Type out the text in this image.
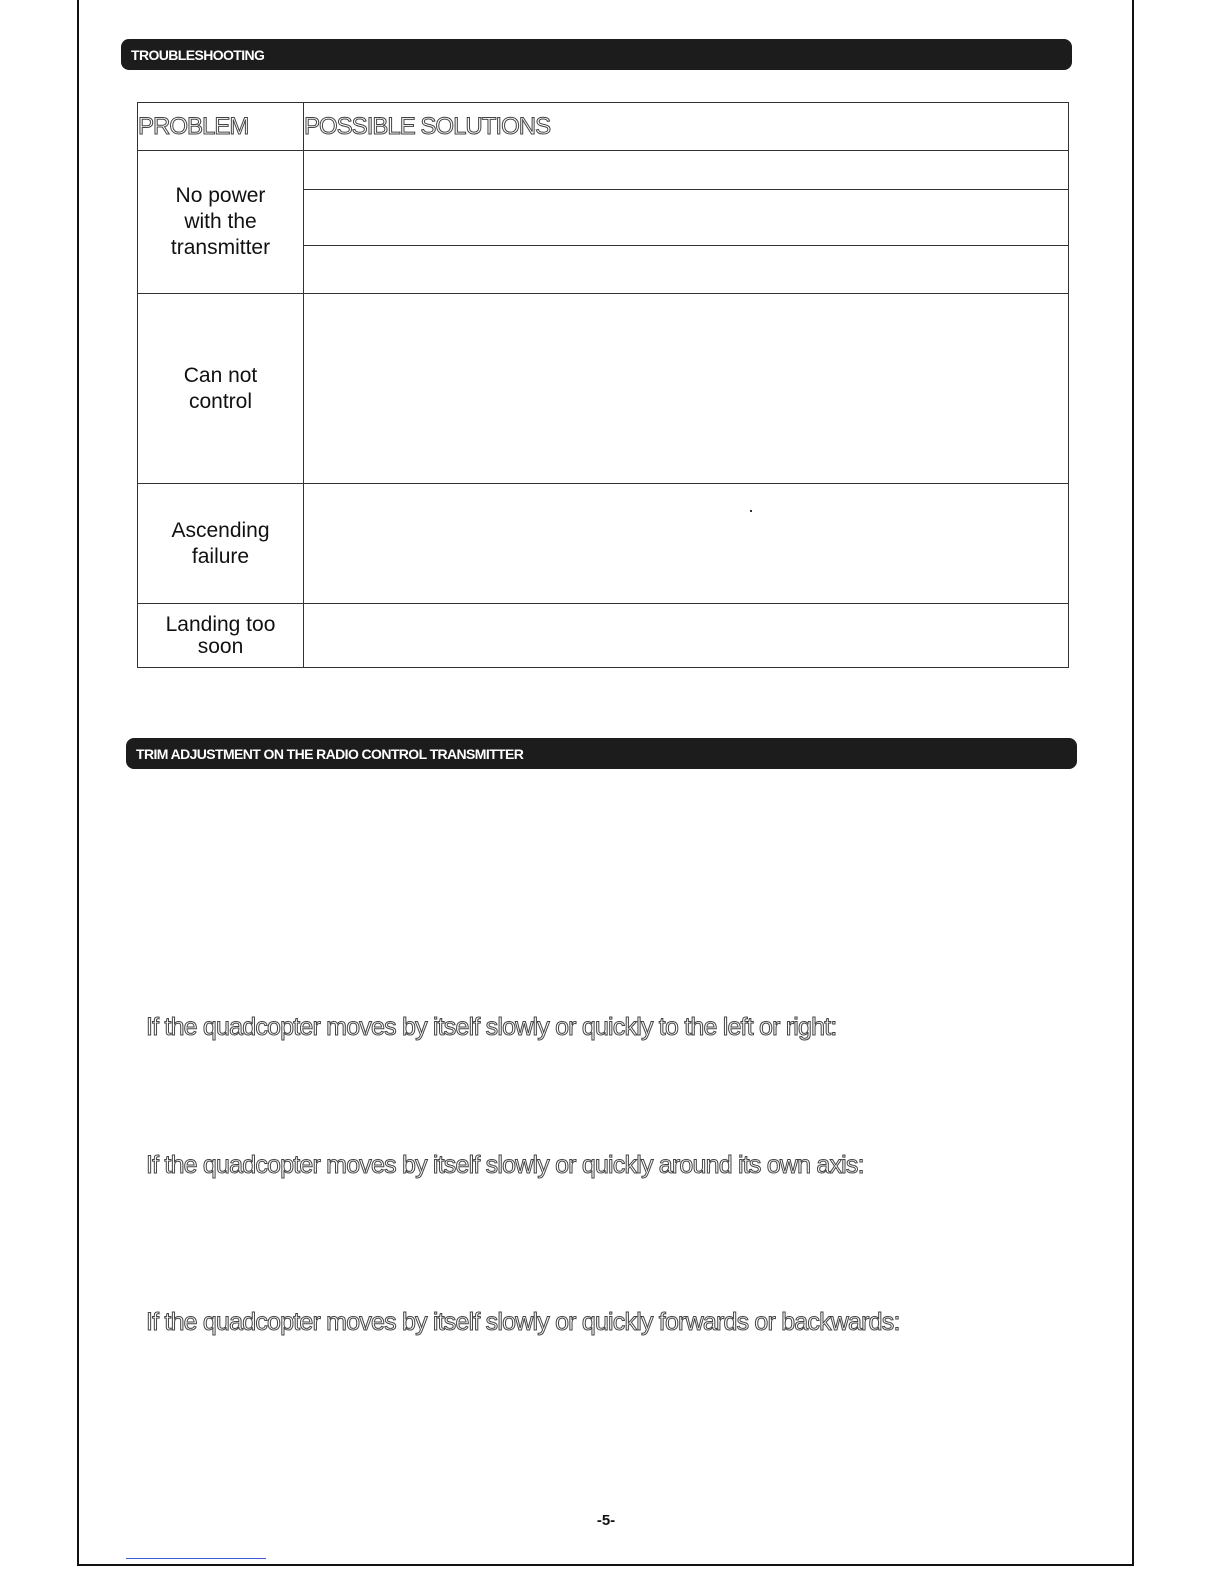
TROUBLESHOOTING
PROBLEM	POSSIBLE SOLUTIONS

No power
with the
transmitter	

Can not
control	

Ascending
failure	

Landing too
soon	

TRIM ADJUSTMENT ON THE RADIO CONTROL TRANSMITTER
If the quadcopter moves by itself slowly or quickly to the left or right:
If the quadcopter moves by itself slowly or quickly around its own axis:
If the quadcopter moves by itself slowly or quickly forwards or backwards:
-5-
